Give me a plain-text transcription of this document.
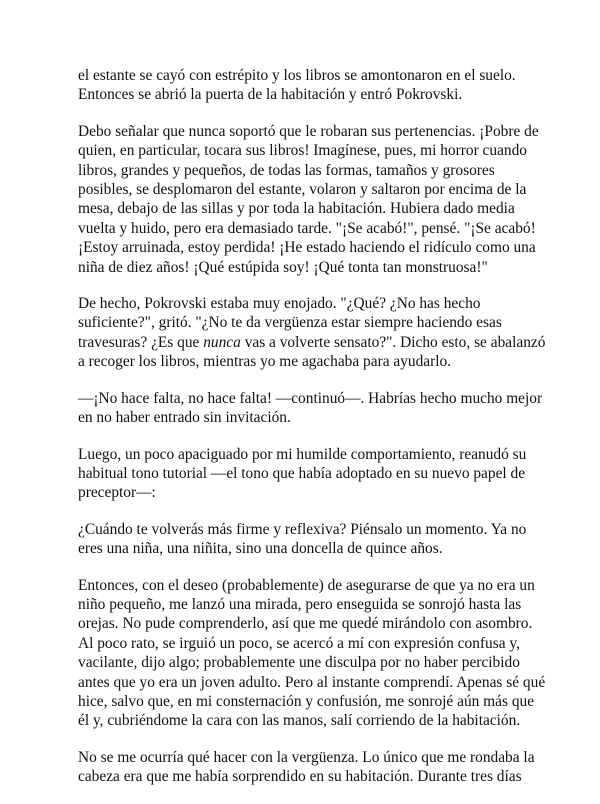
el estante se cayó con estrépito y los libros se amontonaron en el suelo.
Entonces se abrió la puerta de la habitación y entró Pokrovski.
Debo señalar que nunca soportó que le robaran sus pertenencias. ¡Pobre de
quien, en particular, tocara sus libros! Imagínese, pues, mi horror cuando
libros, grandes y pequeños, de todas las formas, tamaños y grosores
posibles, se desplomaron del estante, volaron y saltaron por encima de la
mesa, debajo de las sillas y por toda la habitación. Hubiera dado media
vuelta y huido, pero era demasiado tarde. "¡Se acabó!", pensé. "¡Se acabó!
¡Estoy arruinada, estoy perdida! ¡He estado haciendo el ridículo como una
niña de diez años! ¡Qué estúpida soy! ¡Qué tonta tan monstruosa!"
De hecho, Pokrovski estaba muy enojado. "¿Qué? ¿No has hecho
suficiente?", gritó. "¿No te da vergüenza estar siempre haciendo esas
travesuras? ¿Es que nunca vas a volverte sensato?". Dicho esto, se abalanzó
a recoger los libros, mientras yo me agachaba para ayudarlo.
—¡No hace falta, no hace falta! —continuó—. Habrías hecho mucho mejor
en no haber entrado sin invitación.
Luego, un poco apaciguado por mi humilde comportamiento, reanudó su
habitual tono tutorial —el tono que había adoptado en su nuevo papel de
preceptor—:
¿Cuándo te volverás más firme y reflexiva? Piénsalo un momento. Ya no
eres una niña, una niñita, sino una doncella de quince años.
Entonces, con el deseo (probablemente) de asegurarse de que ya no era un
niño pequeño, me lanzó una mirada, pero enseguida se sonrojó hasta las
orejas. No pude comprenderlo, así que me quedé mirándolo con asombro.
Al poco rato, se irguió un poco, se acercó a mí con expresión confusa y,
vacilante, dijo algo; probablemente une disculpa por no haber percibido
antes que yo era un joven adulto. Pero al instante comprendí. Apenas sé qué
hice, salvo que, en mi consternación y confusión, me sonrojé aún más que
él y, cubriéndome la cara con las manos, salí corriendo de la habitación.
No se me ocurría qué hacer con la vergüenza. Lo único que me rondaba la
cabeza era que me había sorprendido en su habitación. Durante tres días
